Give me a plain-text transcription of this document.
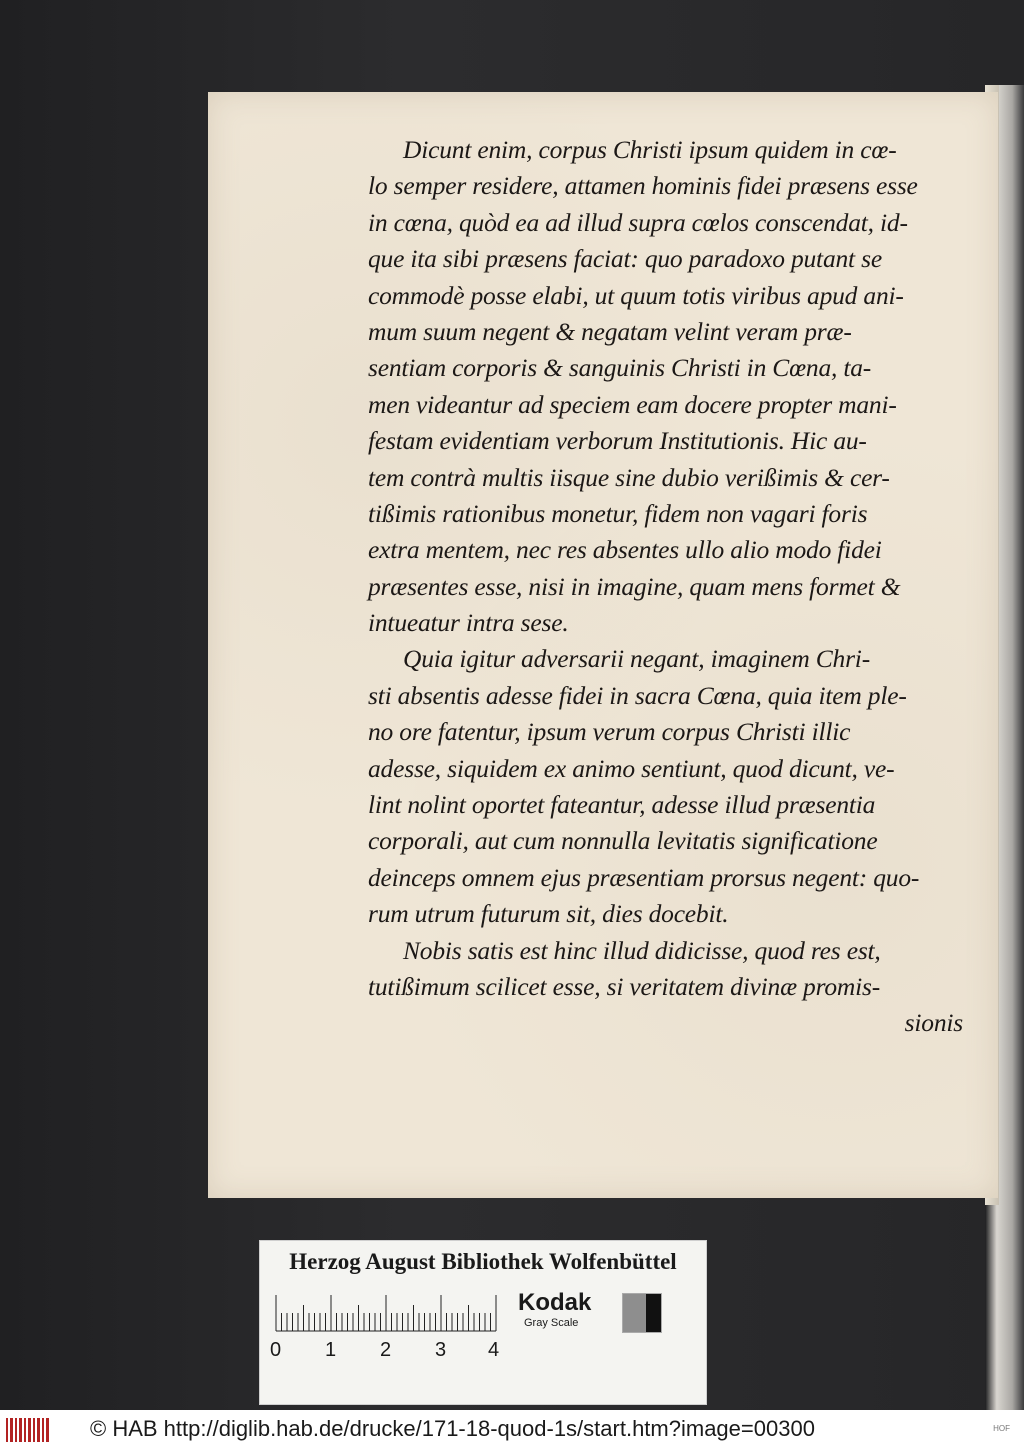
Dicunt enim, corpus Christi ipsum quidem in cœ-
lo semper residere, attamen hominis fidei præsens esse
in cœna, quòd ea ad illud supra cœlos conscendat, id-
que ita sibi præsens faciat: quo paradoxo putant se
commodè posse elabi, ut quum totis viribus apud ani-
mum suum negent & negatam velint veram præ-
sentiam corporis & sanguinis Christi in Cœna, ta-
men videantur ad speciem eam docere propter mani-
festam evidentiam verborum Institutionis. Hic au-
tem contrà multis iisque sine dubio verißimis & cer-
tißimis rationibus monetur, fidem non vagari foris
extra mentem, nec res absentes ullo alio modo fidei
præsentes esse, nisi in imagine, quam mens formet &
intueatur intra sese.
Quia igitur adversarii negant, imaginem Chri-
sti absentis adesse fidei in sacra Cœna, quia item ple-
no ore fatentur, ipsum verum corpus Christi illic
adesse, siquidem ex animo sentiunt, quod dicunt, ve-
lint nolint oportet fateantur, adesse illud præsentia
corporali, aut cum nonnulla levitatis significatione
deinceps omnem ejus præsentiam prorsus negent: quo-
rum utrum futurum sit, dies docebit.
Nobis satis est hinc illud didicisse, quod res est,
tutißimum scilicet esse, si veritatem divinæ promis-
sionis
Herzog August Bibliothek Wolfenbüttel
0 1 2 3 4
Kodak
Gray Scale
© HAB http://diglib.hab.de/drucke/171-18-quod-1s/start.htm?image=00300	HOF
